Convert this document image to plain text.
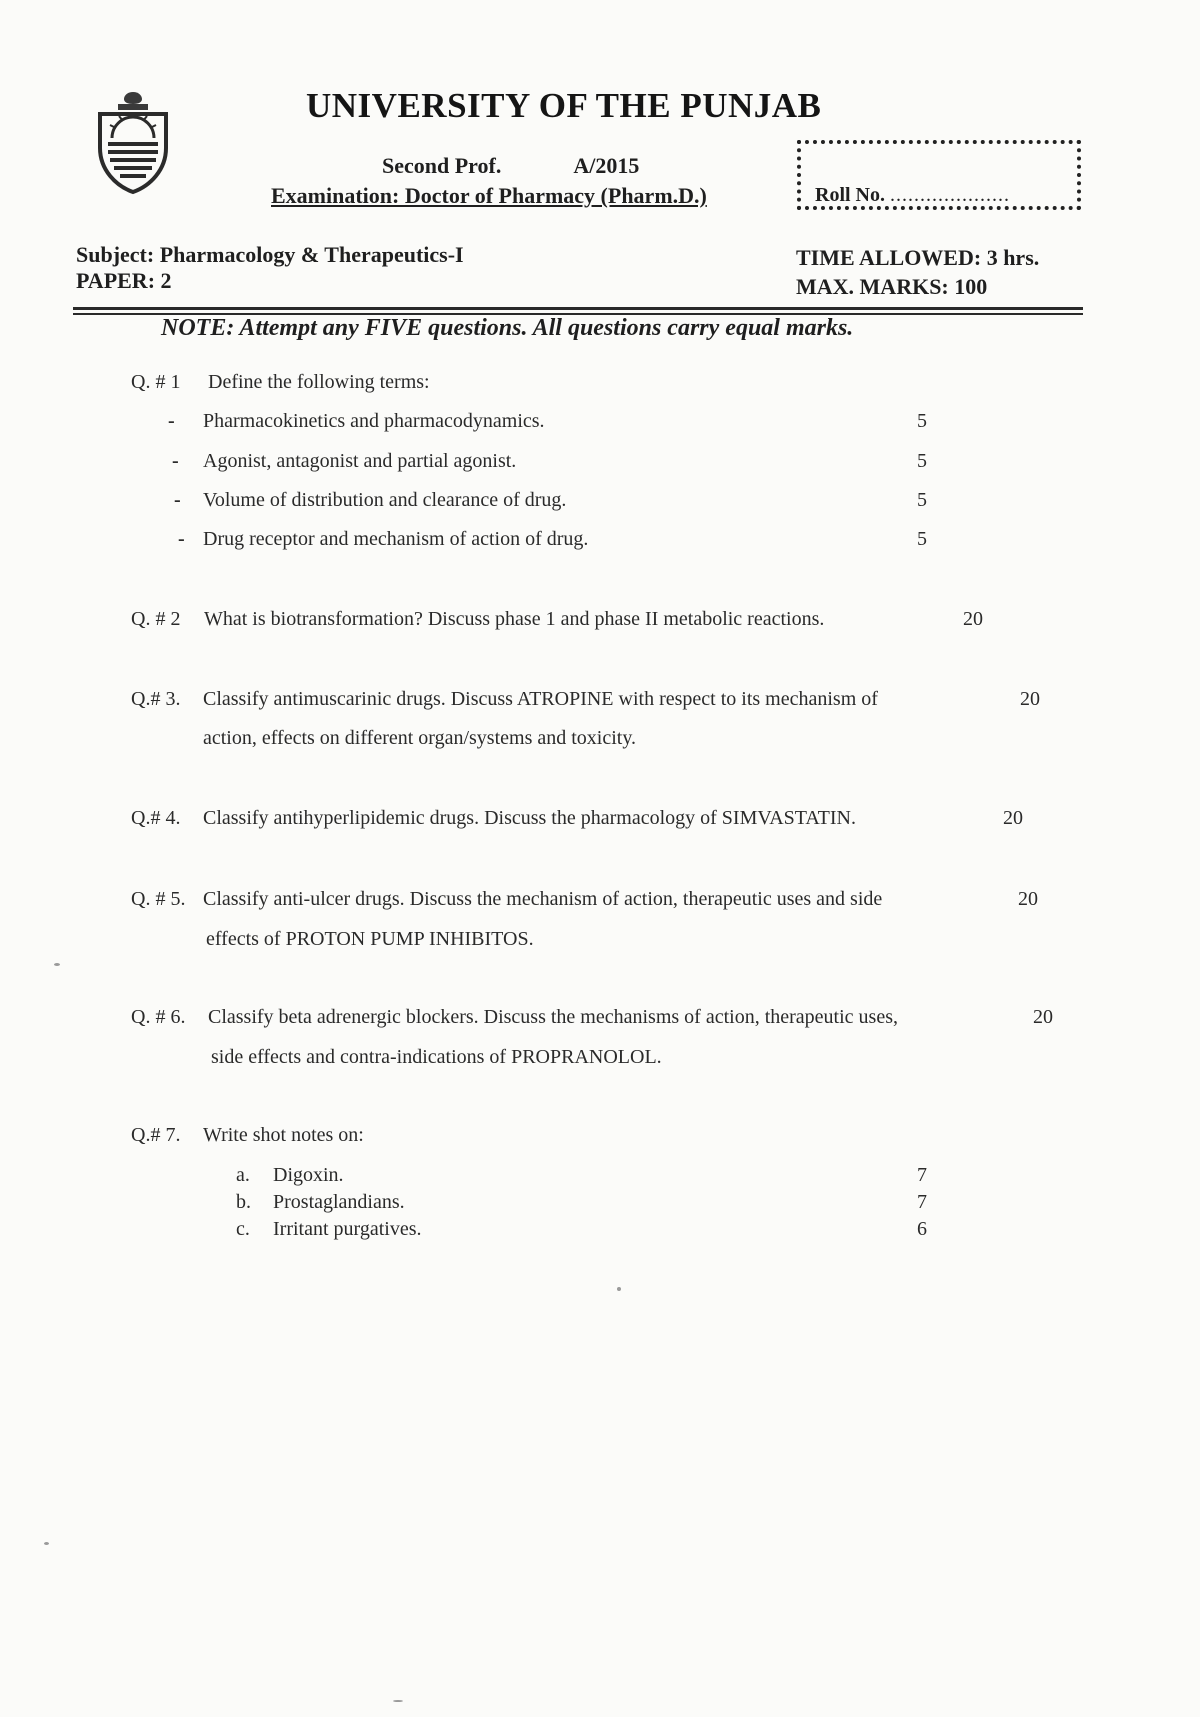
UNIVERSITY OF THE PUNJAB
Second Prof.	A/2015
Examination: Doctor of Pharmacy (Pharm.D.)	Roll No. ....................
Subject: Pharmacology & Therapeutics-I
PAPER: 2
TIME ALLOWED: 3 hrs.
MAX. MARKS: 100
NOTE: Attempt any FIVE questions. All questions carry equal marks.
Q. # 1 Define the following terms:
- Pharmacokinetics and pharmacodynamics.	5
- Agonist, antagonist and partial agonist.	5
- Volume of distribution and clearance of drug.	5
- Drug receptor and mechanism of action of drug.	5
Q. # 2 What is biotransformation? Discuss phase 1 and phase II metabolic reactions.	20
Q.# 3. Classify antimuscarinic drugs. Discuss ATROPINE with respect to its mechanism of	20
action, effects on different organ/systems and toxicity.
Q.# 4. Classify antihyperlipidemic drugs. Discuss the pharmacology of SIMVASTATIN.	20
Q. # 5. Classify anti-ulcer drugs. Discuss the mechanism of action, therapeutic uses and side	20
effects of PROTON PUMP INHIBITOS.
Q. # 6. Classify beta adrenergic blockers. Discuss the mechanisms of action, therapeutic uses,	20
side effects and contra-indications of PROPRANOLOL.
Q.# 7. Write shot notes on:
a. Digoxin.	7
b. Prostaglandians.	7
c. Irritant purgatives.	6
